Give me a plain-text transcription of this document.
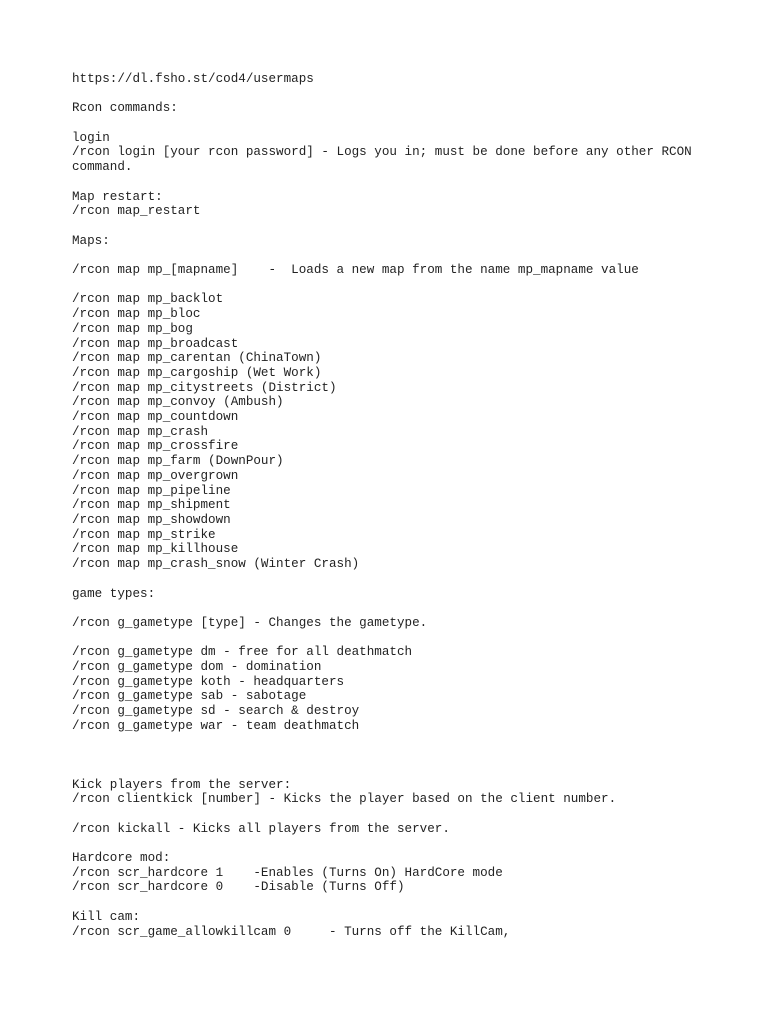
https://dl.fsho.st/cod4/usermaps
Rcon commands:
login
/rcon login [your rcon password] - Logs you in; must be done before any other RCON
command.
Map restart:
/rcon map_restart
Maps:
/rcon map mp_[mapname]    -  Loads a new map from the name mp_mapname value
/rcon map mp_backlot
/rcon map mp_bloc
/rcon map mp_bog
/rcon map mp_broadcast
/rcon map mp_carentan (ChinaTown)
/rcon map mp_cargoship (Wet Work)
/rcon map mp_citystreets (District)
/rcon map mp_convoy (Ambush)
/rcon map mp_countdown
/rcon map mp_crash
/rcon map mp_crossfire
/rcon map mp_farm (DownPour)
/rcon map mp_overgrown
/rcon map mp_pipeline
/rcon map mp_shipment
/rcon map mp_showdown
/rcon map mp_strike
/rcon map mp_killhouse
/rcon map mp_crash_snow (Winter Crash)
game types:
/rcon g_gametype [type] - Changes the gametype.
/rcon g_gametype dm - free for all deathmatch
/rcon g_gametype dom - domination
/rcon g_gametype koth - headquarters
/rcon g_gametype sab - sabotage
/rcon g_gametype sd - search & destroy
/rcon g_gametype war - team deathmatch
Kick players from the server:
/rcon clientkick [number] - Kicks the player based on the client number.
/rcon kickall - Kicks all players from the server.
Hardcore mod:
/rcon scr_hardcore 1    -Enables (Turns On) HardCore mode
/rcon scr_hardcore 0    -Disable (Turns Off)
Kill cam:
/rcon scr_game_allowkillcam 0     - Turns off the KillCam,
